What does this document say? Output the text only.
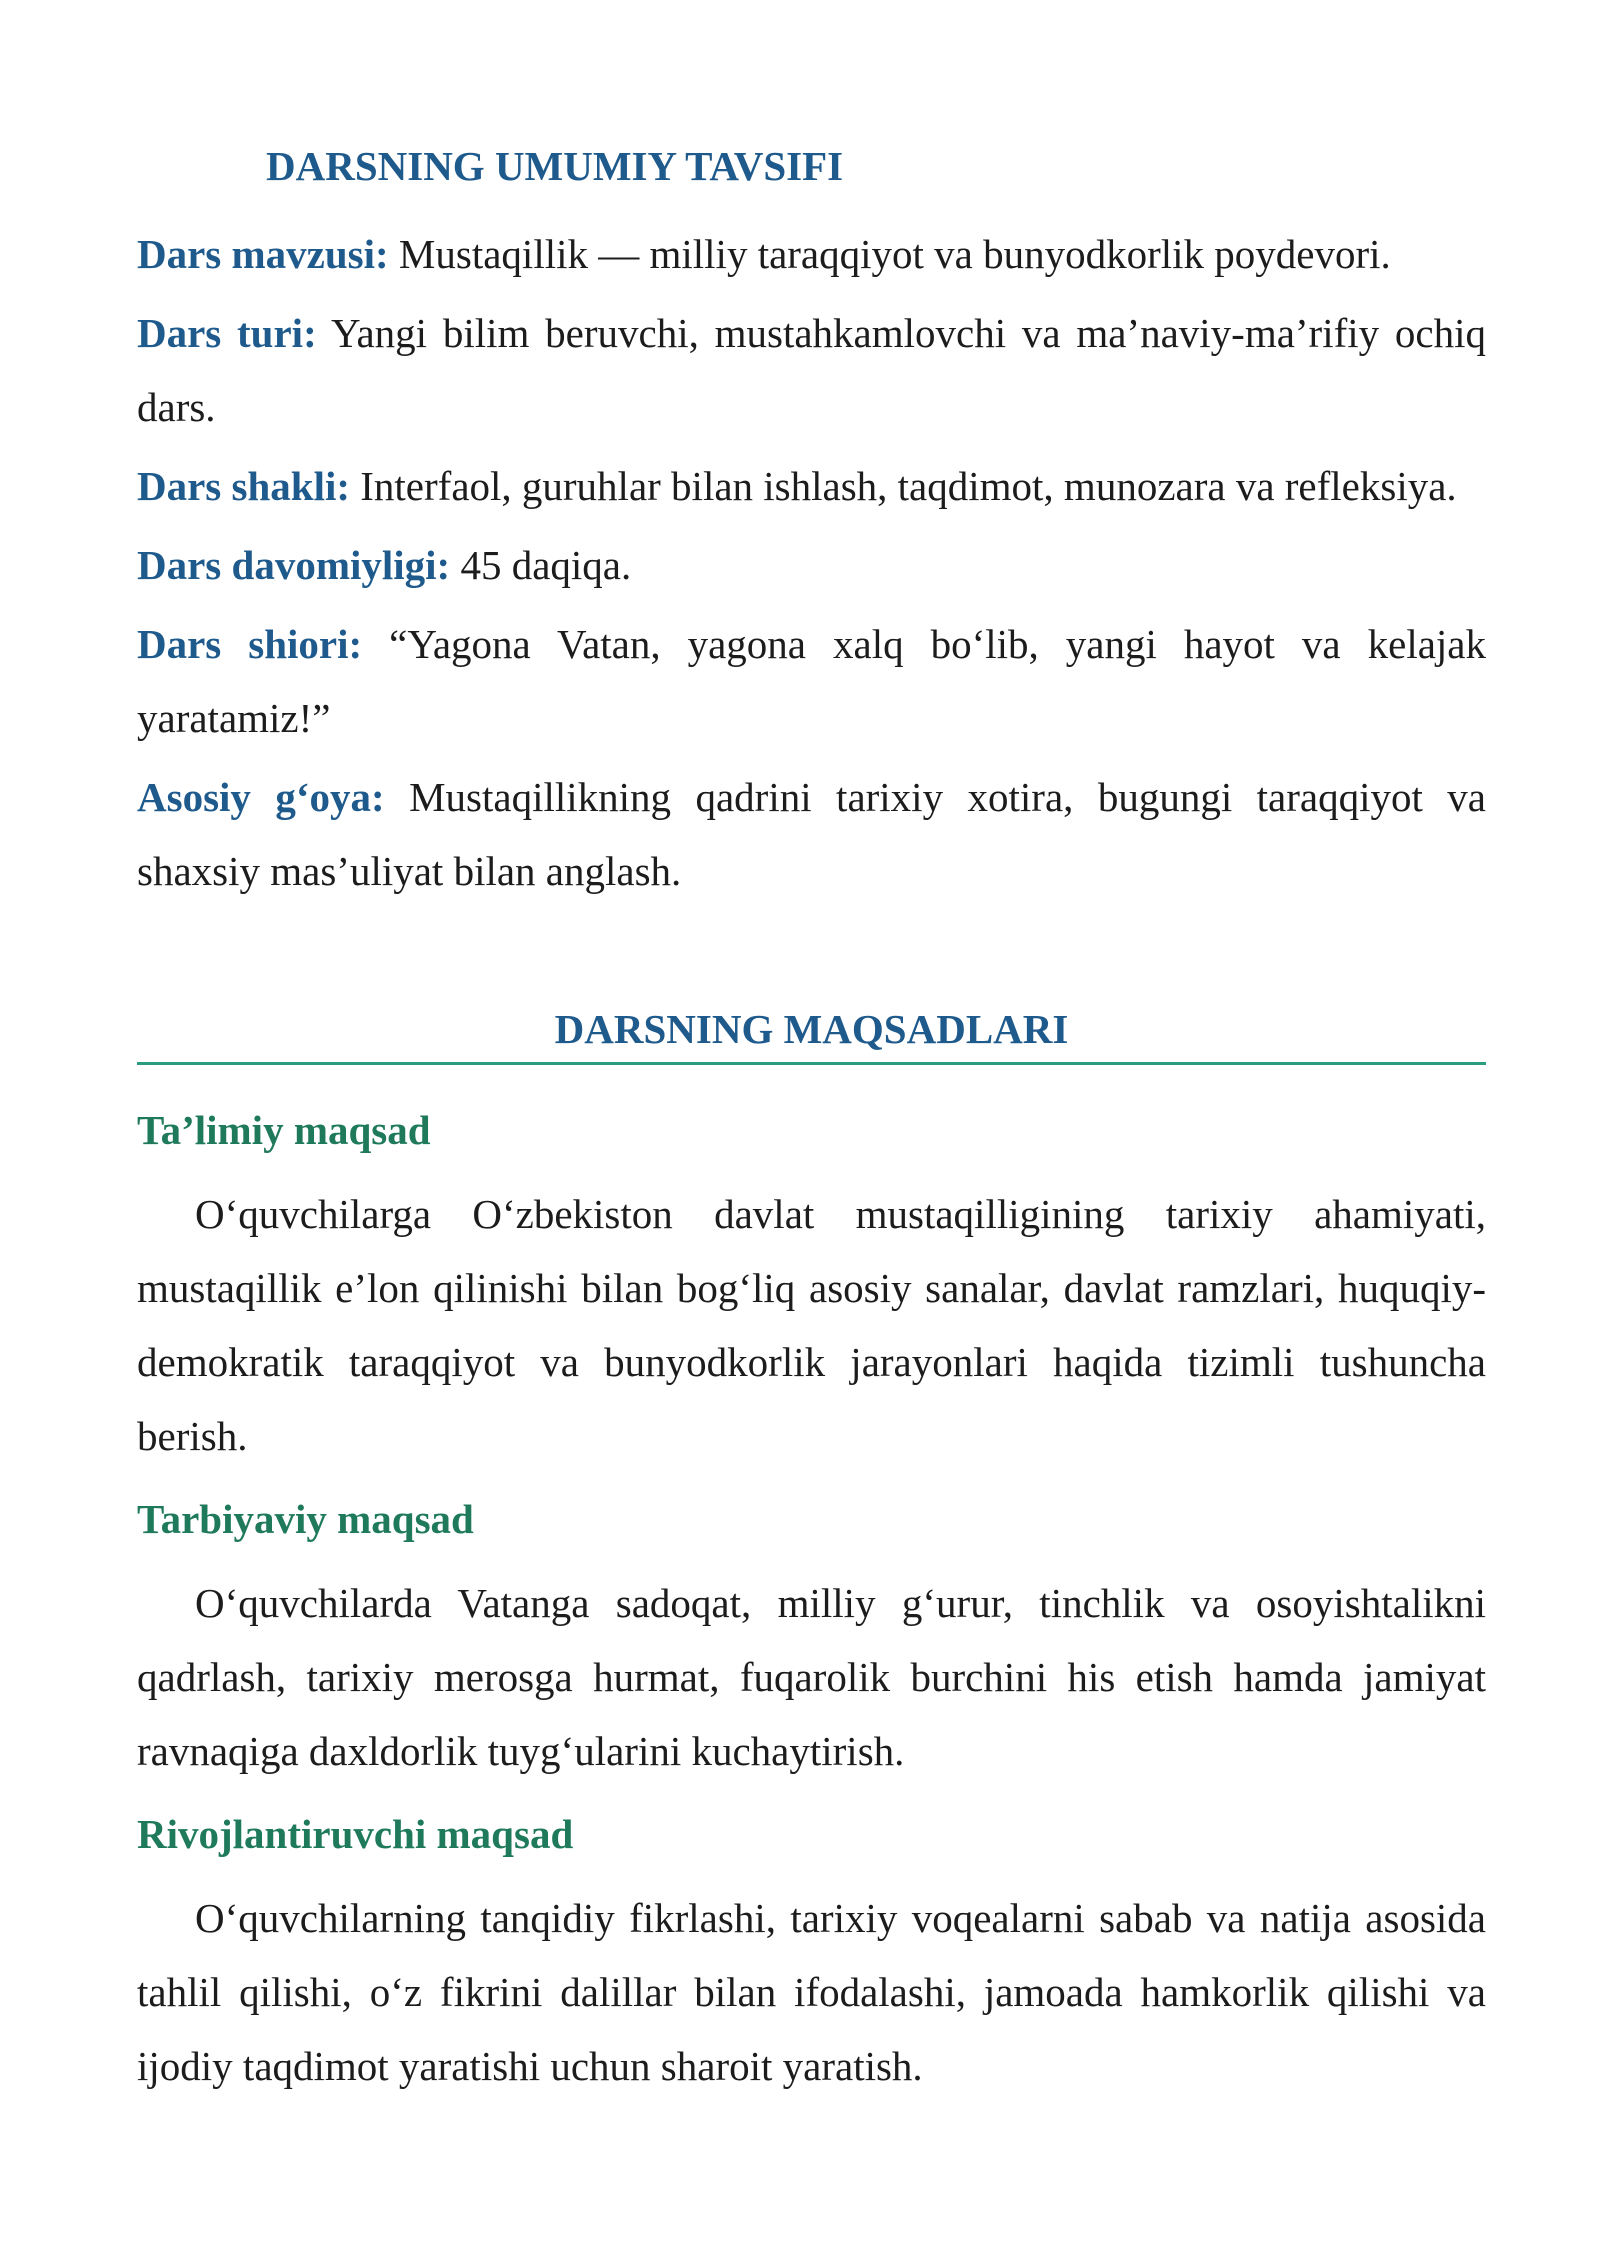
DARSNING UMUMIY TAVSIFI

Dars mavzusi: Mustaqillik — milliy taraqqiyot va bunyodkorlik poydevori.

Dars turi: Yangi bilim beruvchi, mustahkamlovchi va ma’naviy-ma’rifiy ochiq dars.

Dars shakli: Interfaol, guruhlar bilan ishlash, taqdimot, munozara va refleksiya.

Dars davomiyligi: 45 daqiqa.

Dars shiori: “Yagona Vatan, yagona xalq bo‘lib, yangi hayot va kelajak yaratamiz!”

Asosiy g‘oya: Mustaqillikning qadrini tarixiy xotira, bugungi taraqqiyot va shaxsiy mas’uliyat bilan anglash.

DARSNING MAQSADLARI
Ta’limiy maqsad

O‘quvchilarga O‘zbekiston davlat mustaqilligining tarixiy ahamiyati, mustaqillik e’lon qilinishi bilan bog‘liq asosiy sanalar, davlat ramzlari, huquqiy-demokratik taraqqiyot va bunyodkorlik jarayonlari haqida tizimli tushuncha berish.

Tarbiyaviy maqsad

O‘quvchilarda Vatanga sadoqat, milliy g‘urur, tinchlik va osoyishtalikni qadrlash, tarixiy merosga hurmat, fuqarolik burchini his etish hamda jamiyat ravnaqiga daxldorlik tuyg‘ularini kuchaytirish.

Rivojlantiruvchi maqsad

O‘quvchilarning tanqidiy fikrlashi, tarixiy voqealarni sabab va natija asosida tahlil qilishi, o‘z fikrini dalillar bilan ifodalashi, jamoada hamkorlik qilishi va ijodiy taqdimot yaratishi uchun sharoit yaratish.
